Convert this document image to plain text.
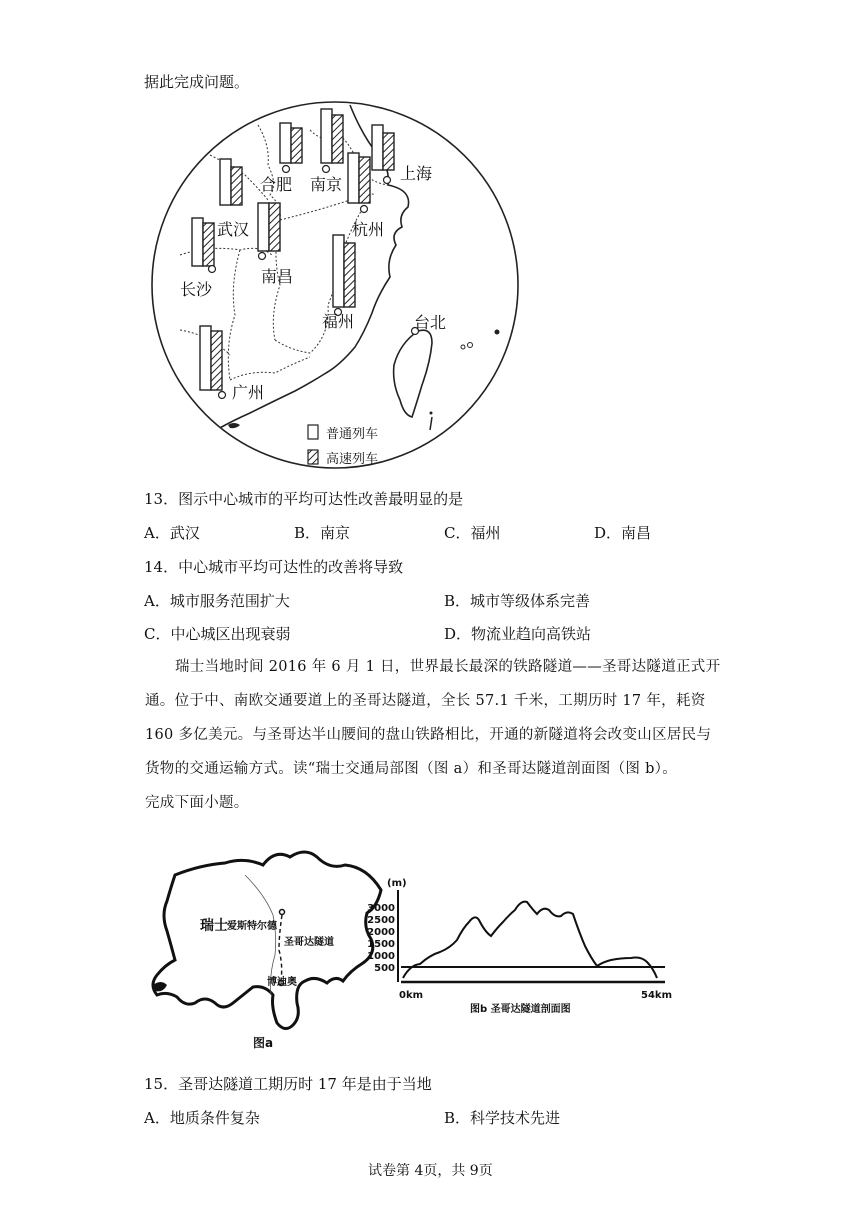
据此完成问题。
合肥 南京
上海
武汉	杭州
南昌
长沙
台北
福州
广州
普通列车
高速列车
13．图示中心城市的平均可达性改善最明显的是
A．武汉	B．南京	C．福州	D．南昌
14．中心城市平均可达性的改善将导致
A．城市服务范围扩大	B．城市等级体系完善
C．中心城区出现衰弱	D．物流业趋向高铁站
瑞士当地时间 2016 年 6 月 1 日，世界最长最深的铁路隧道——圣哥达隧道正式开
通。位于中、南欧交通要道上的圣哥达隧道，全长 57.1 千米，工期历时 17 年，耗资
160 多亿美元。与圣哥达半山腰间的盘山铁路相比，开通的新隧道将会改变山区居民与
货物的交通运输方式。读“瑞士交通局部图（图 a）和圣哥达隧道剖面图（图 b）。
完成下面小题。
瑞士 爱斯特尔德
圣哥达隧道
博迪奥
图a
(m)
3000
2500
2000
1500
1000
500
0km	54km
图b 圣哥达隧道剖面图
15．圣哥达隧道工期历时 17 年是由于当地
A．地质条件复杂	B．科学技术先进
试卷第 4页，共 9页
